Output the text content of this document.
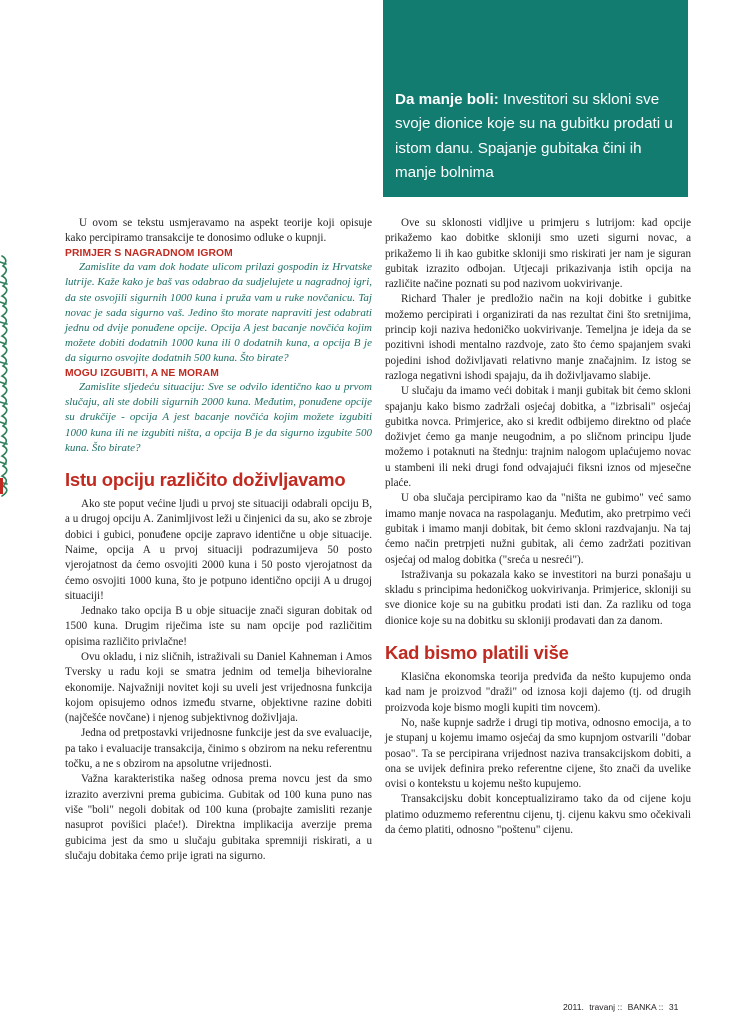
Da manje boli: Investitori su skloni sve svoje dionice koje su na gubitku prodati u istom danu. Spajanje gubitaka čini ih manje bolnima

U ovom se tekstu usmjeravamo na aspekt teorije koji opisuje kako percipiramo transakcije te donosimo odluke o kupnji.

PRIMJER S NAGRADNOM IGROM

Zamislite da vam dok hodate ulicom prilazi gospodin iz Hrvatske lutrije. Kaže kako je baš vas odabrao da sudjelujete u nagradnoj igri, da ste osvojili sigurnih 1000 kuna i pruža vam u ruke novčanicu. Taj novac je sada sigurno vaš. Jedino što morate napraviti jest odabrati jednu od dvije ponuđene opcije. Opcija A jest bacanje novčića kojim možete dobiti dodatnih 1000 kuna ili 0 dodatnih kuna, a opcija B je da sigurno osvojite dodatnih 500 kuna. Što birate?

MOGU IZGUBITI, A NE MORAM

Zamislite sljedeću situaciju: Sve se odvilo identično kao u prvom slučaju, ali ste dobili sigurnih 2000 kuna. Međutim, ponuđene opcije su drukčije - opcija A jest bacanje novčića kojim možete izgubiti 1000 kuna ili ne izgubiti ništa, a opcija B je da sigurno izgubite 500 kuna. Što birate?

Istu opciju različito doživljavamo

Ako ste poput većine ljudi u prvoj ste situaciji odabrali opciju B, a u drugoj opciju A. Zanimljivost leži u činjenici da su, ako se zbroje dobici i gubici, ponuđene opcije zapravo identične u obje situacije. Naime, opcija A u prvoj situaciji podrazumijeva 50 posto vjerojatnost da ćemo osvojiti 2000 kuna i 50 posto vjerojatnost da ćemo osvojiti 1000 kuna, što je potpuno identično opciji A u drugoj situaciji!

Jednako tako opcija B u obje situacije znači siguran dobitak od 1500 kuna. Drugim riječima iste su nam opcije pod različitim opisima različito privlačne!

Ovu okladu, i niz sličnih, istraživali su Daniel Kahneman i Amos Tversky u radu koji se smatra jednim od temelja bihevioralne ekonomije. Najvažniji novitet koji su uveli jest vrijednosna funkcija kojom opisujemo odnos između stvarne, objektivne razine dobiti (najčešće novčane) i njenog subjektivnog doživljaja.

Jedna od pretpostavki vrijednosne funkcije jest da sve evaluacije, pa tako i evaluacije transakcija, činimo s obzirom na neku referentnu točku, a ne s obzirom na apsolutne vrijednosti.

Važna karakteristika našeg odnosa prema novcu jest da smo izrazito averzivni prema gubicima. Gubitak od 100 kuna puno nas više "boli" negoli dobitak od 100 kuna (probajte zamisliti rezanje nasuprot povišici plaće!). Direktna implikacija averzije prema gubicima jest da smo u slučaju gubitaka spremniji riskirati, a u slučaju dobitaka ćemo prije igrati na sigurno.

Ove su sklonosti vidljive u primjeru s lutrijom: kad opcije prikažemo kao dobitke skloniji smo uzeti sigurni novac, a prikažemo li ih kao gubitke skloniji smo riskirati jer nam je siguran gubitak izrazito odbojan. Utjecaji prikazivanja istih opcija na različite načine poznati su pod nazivom uokvirivanje.

Richard Thaler je predložio način na koji dobitke i gubitke možemo percipirati i organizirati da nas rezultat čini što sretnijima, princip koji naziva hedoničko uokvirivanje. Temeljna je ideja da se pozitivni ishodi mentalno razdvoje, zato što ćemo spajanjem svaki pojedini ishod doživljavati relativno manje značajnim. Iz istog se razloga negativni ishodi spajaju, da ih doživljavamo slabije.

U slučaju da imamo veći dobitak i manji gubitak bit ćemo skloni spajanju kako bismo zadržali osjećaj dobitka, a "izbrisali" osjećaj gubitka novca. Primjerice, ako si kredit odbijemo direktno od plaće doživjet ćemo ga manje neugodnim, a po sličnom principu ljude možemo i potaknuti na štednju: trajnim nalogom uplaćujemo novac u stambeni ili neki drugi fond odvajajući fiksni iznos od mjesečne plaće.

U oba slučaja percipiramo kao da "ništa ne gubimo" već samo imamo manje novaca na raspolaganju. Međutim, ako pretrpimo veći gubitak i imamo manji dobitak, bit ćemo skloni razdvajanju. Na taj ćemo način pretrpjeti nužni gubitak, ali ćemo zadržati pozitivan osjećaj od malog dobitka ("sreća u nesreći").

Istraživanja su pokazala kako se investitori na burzi ponašaju u skladu s principima hedoničkog uokvirivanja. Primjerice, skloniji su sve dionice koje su na gubitku prodati isti dan. Za razliku od toga dionice koje su na dobitku su skloniji prodavati dan za danom.

Kad bismo platili više

Klasična ekonomska teorija predviđa da nešto kupujemo onda kad nam je proizvod "draži" od iznosa koji dajemo (tj. od drugih proizvoda koje bismo mogli kupiti tim novcem).

No, naše kupnje sadrže i drugi tip motiva, odnosno emocija, a to je stupanj u kojemu imamo osjećaj da smo kupnjom ostvarili "dobar posao". Ta se percipirana vrijednost naziva transakcijskom dobiti, a ona se uvijek definira preko referentne cijene, što znači da uvelike ovisi o kontekstu u kojemu nešto kupujemo.

Transakcijsku dobit konceptualiziramo tako da od cijene koju platimo oduzmemo referentnu cijenu, tj. cijenu kakvu smo očekivali da ćemo platiti, odnosno "poštenu" cijenu.

2011. travanj :: BANKA :: 31
